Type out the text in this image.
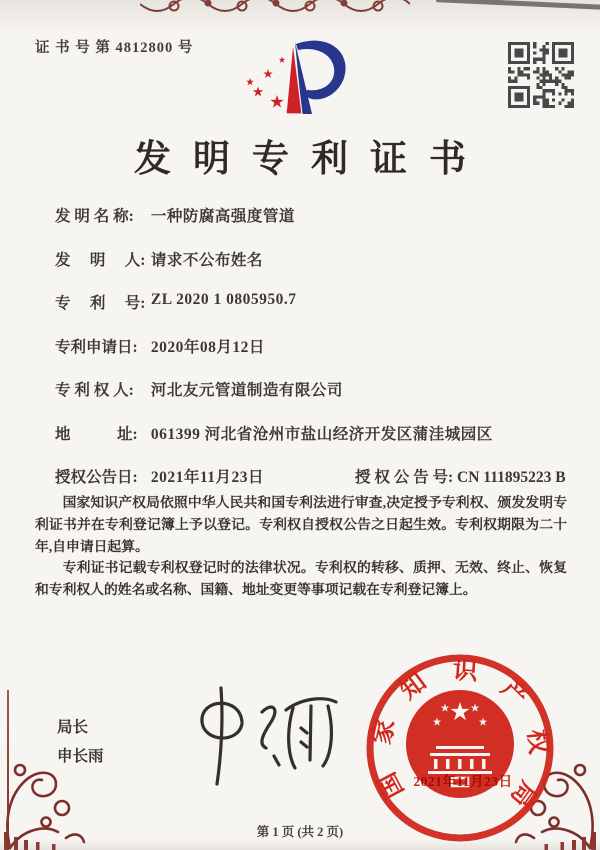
证 书 号 第 4812800 号
发明专利证书
发 明 名 称: 一种防腐高强度管道
发　 明　 人: 请求不公布姓名
专　 利　 号: ZL 2020 1 0805950.7
专利申请日: 2020年08月12日
专 利 权 人: 河北友元管道制造有限公司
地　　　址: 061399 河北省沧州市盐山经济开发区蒲洼城园区
授权公告日: 2021年11月23日	授 权 公 告 号: CN 111895223 B

国家知识产权局依照中华人民共和国专利法进行审查,决定授予专利权、颁发发明专利证书并在专利登记簿上予以登记。专利权自授权公告之日起生效。专利权期限为二十年,自申请日起算。

专利证书记载专利权登记时的法律状况。专利权的转移、质押、无效、终止、恢复和专利权人的姓名或名称、国籍、地址变更等事项记载在专利登记簿上。

局长
申长雨
国家知识产权局
2021年11月23日
第 1 页 (共 2 页)
